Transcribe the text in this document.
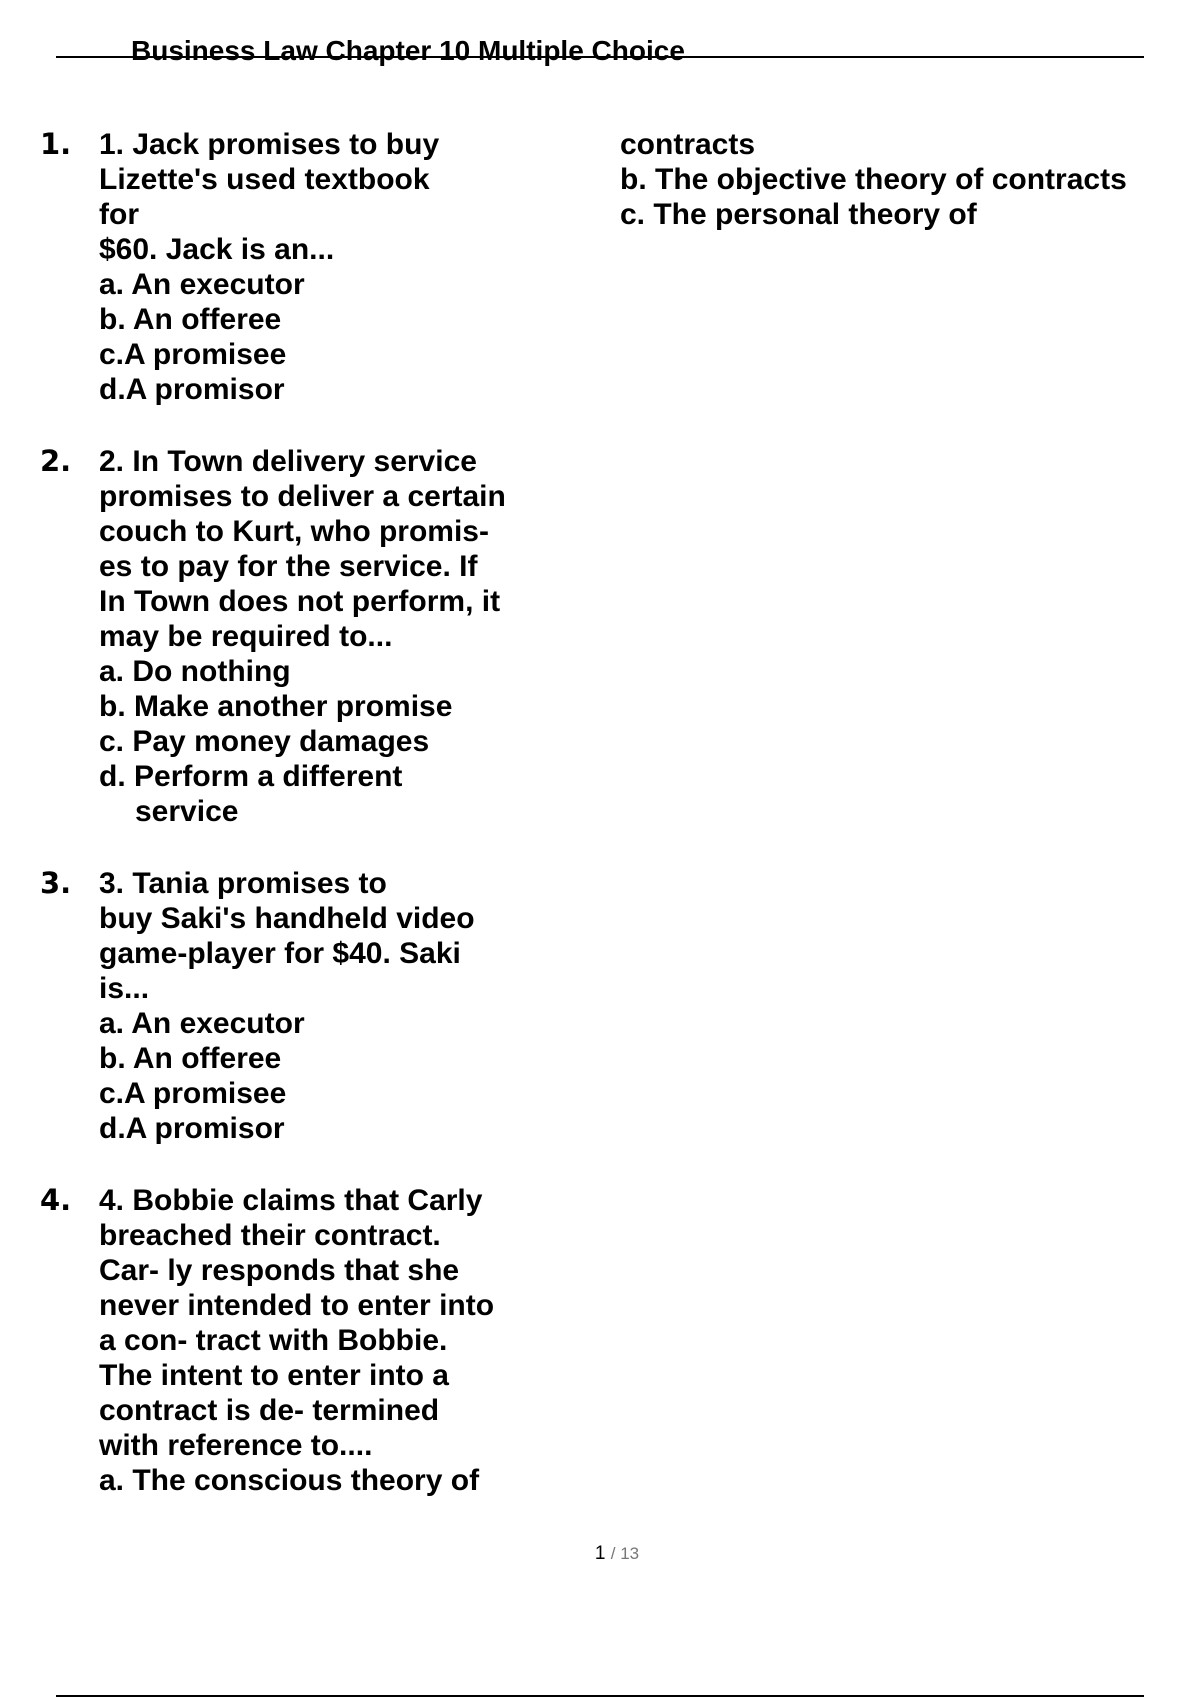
Business Law Chapter 10 Multiple Choice
1. 1. Jack promises to buy
Lizette's used textbook
for
$60. Jack is an...
a. An executor
b. An offeree
c.A promisee
d.A promisor
2. 2. In Town delivery service
promises to deliver a certain
couch to Kurt, who promis-
es to pay for the service. If
In Town does not perform, it
may be required to...
a. Do nothing
b. Make another promise
c. Pay money damages
d. Perform a different service
3. 3. Tania promises to
buy Saki's handheld video
game-player for $40. Saki
is...
a. An executor
b. An offeree
c.A promisee
d.A promisor
4. 4. Bobbie claims that Carly
breached their contract.
Car- ly responds that she
never intended to enter into
a con- tract with Bobbie.
The intent to enter into a
contract is de- termined
with reference to....
a. The conscious theory of
contracts
b. The objective theory of contracts
c. The personal theory of
1 / 13
